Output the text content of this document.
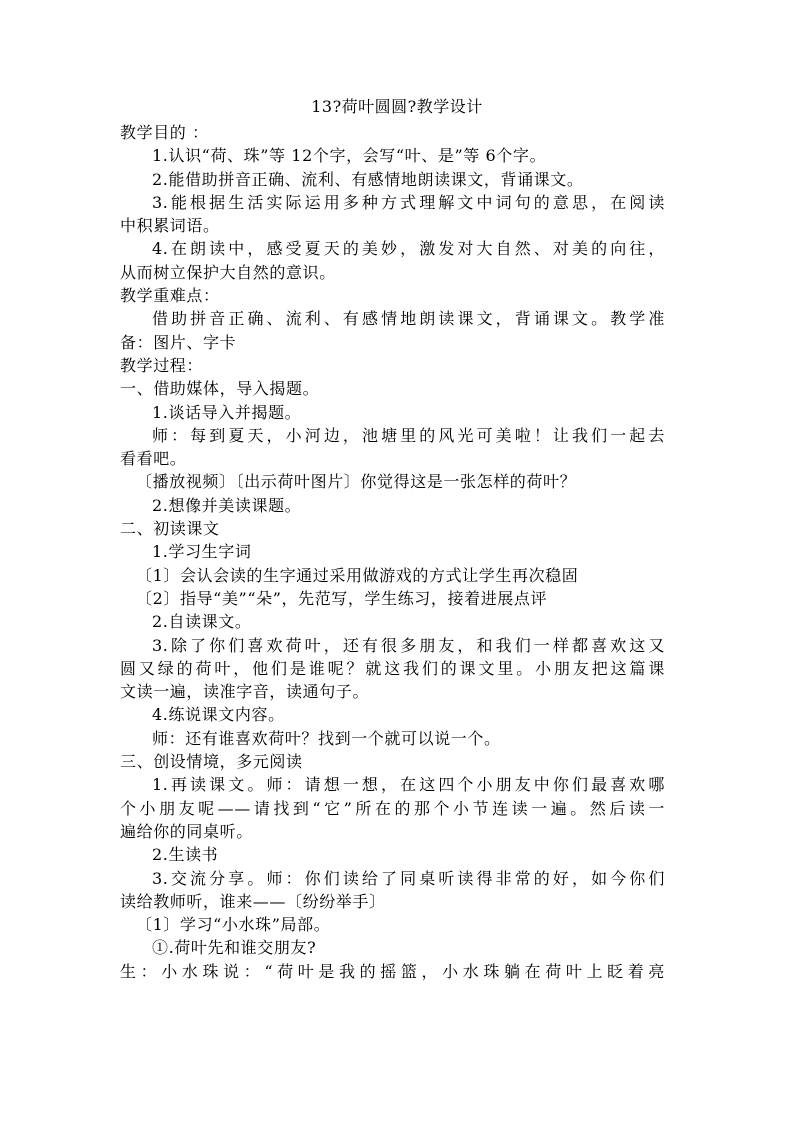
13?荷叶圆圆?教学设计
教学目的 ：
1.认识“荷、珠”等 12个字，会写“叶、是”等 6个字。
2.能借助拼音正确、流利、有感情地朗读课文，背诵课文。
3.能根据生活实际运用多种方式理解文中词句的意思，在阅读
中积累词语。
4.在朗读中，感受夏天的美妙，激发对大自然、对美的向往，
从而树立保护大自然的意识。
教学重难点：
借助拼音正确、流利、有感情地朗读课文，背诵课文。教学准
备：图片、字卡
教学过程：
一、借助媒体，导入揭题。
1.谈话导入并揭题。
师：每到夏天，小河边，池塘里的风光可美啦！让我们一起去
看看吧。
〔播放视频〕〔出示荷叶图片〕你觉得这是一张怎样的荷叶？
2.想像并美读课题。
二、初读课文
1.学习生字词
〔1〕会认会读的生字通过采用做游戏的方式让学生再次稳固
〔2〕指导“美”“朵”，先范写，学生练习，接着进展点评
2.自读课文。
3.除了你们喜欢荷叶，还有很多朋友，和我们一样都喜欢这又
圆又绿的荷叶，他们是谁呢？就这我们的课文里。小朋友把这篇课
文读一遍，读准字音，读通句子。
4.练说课文内容。
师：还有谁喜欢荷叶？找到一个就可以说一个。
三、创设情境，多元阅读
1.再读课文。师：请想一想，在这四个小朋友中你们最喜欢哪
个小朋友呢——请找到“它”所在的那个小节连读一遍。然后读一
遍给你的同桌听。
2.生读书
3.交流分享。师：你们读给了同桌听读得非常的好，如今你们
读给教师听，谁来——〔纷纷举手〕
〔1〕学习“小水珠”局部。
①.荷叶先和谁交朋友?
生：小水珠说：“荷叶是我的摇篮，小水珠躺在荷叶上眨着亮
